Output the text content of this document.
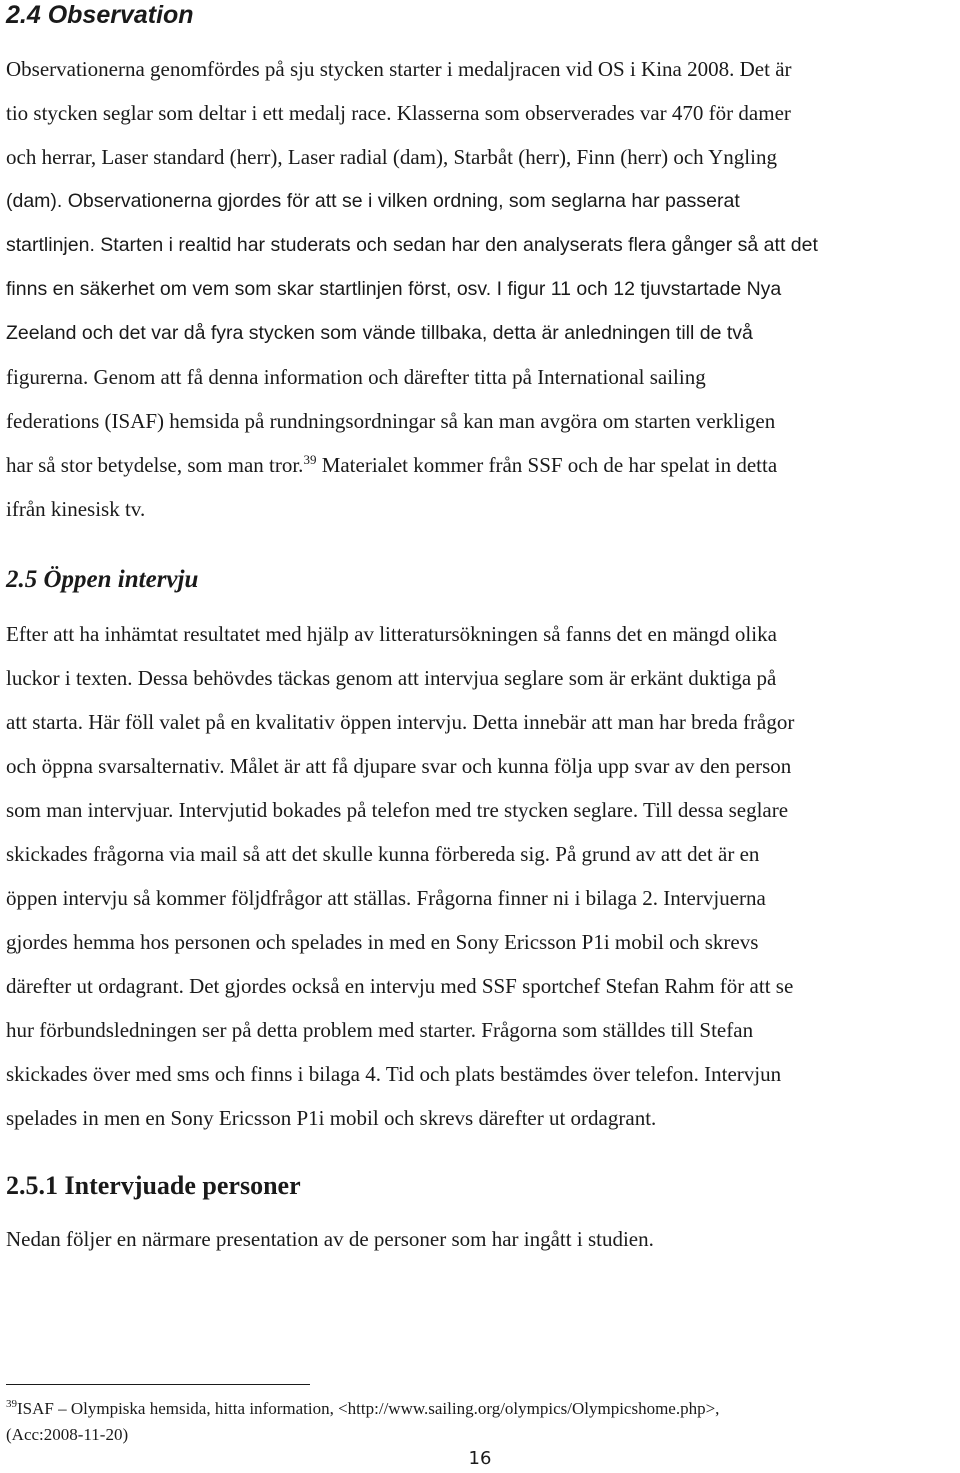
2.4 Observation
Observationerna genomfördes på sju stycken starter i medaljracen vid OS i Kina 2008. Det är
tio stycken seglar som deltar i ett medalj race. Klasserna som observerades var 470 för damer
och herrar, Laser standard (herr), Laser radial (dam), Starbåt (herr), Finn (herr) och Yngling
(dam). Observationerna gjordes för att se i vilken ordning, som seglarna har passerat
startlinjen. Starten i realtid har studerats och sedan har den analyserats flera gånger så att det
finns en säkerhet om vem som skar startlinjen först, osv. I figur 11 och 12 tjuvstartade Nya
Zeeland och det var då fyra stycken som vände tillbaka, detta är anledningen till de två
figurerna. Genom att få denna information och därefter titta på International sailing
federations (ISAF) hemsida på rundningsordningar så kan man avgöra om starten verkligen
har så stor betydelse, som man tror.$^{39}$ Materialet kommer från SSF och de har spelat in detta
ifrån kinesisk tv.
2.5 Öppen intervju
Efter att ha inhämtat resultatet med hjälp av litteratursökningen så fanns det en mängd olika
luckor i texten. Dessa behövdes täckas genom att intervjua seglare som är erkänt duktiga på
att starta. Här föll valet på en kvalitativ öppen intervju. Detta innebär att man har breda frågor
och öppna svarsalternativ. Målet är att få djupare svar och kunna följa upp svar av den person
som man intervjuar. Intervjutid bokades på telefon med tre stycken seglare. Till dessa seglare
skickades frågorna via mail så att det skulle kunna förbereda sig. På grund av att det är en
öppen intervju så kommer följdfrågor att ställas. Frågorna finner ni i bilaga 2. Intervjuerna
gjordes hemma hos personen och spelades in med en Sony Ericsson P1i mobil och skrevs
därefter ut ordagrant. Det gjordes också en intervju med SSF sportchef Stefan Rahm för att se
hur förbundsledningen ser på detta problem med starter. Frågorna som ställdes till Stefan
skickades över med sms och finns i bilaga 4. Tid och plats bestämdes över telefon. Intervjun
spelades in men en Sony Ericsson P1i mobil och skrevs därefter ut ordagrant.
2.5.1 Intervjuade personer
Nedan följer en närmare presentation av de personer som har ingått i studien.
$^{39}$ISAF – Olympiska hemsida, hitta information, <http://www.sailing.org/olympics/Olympicshome.php>,
(Acc:2008-11-20)
16
